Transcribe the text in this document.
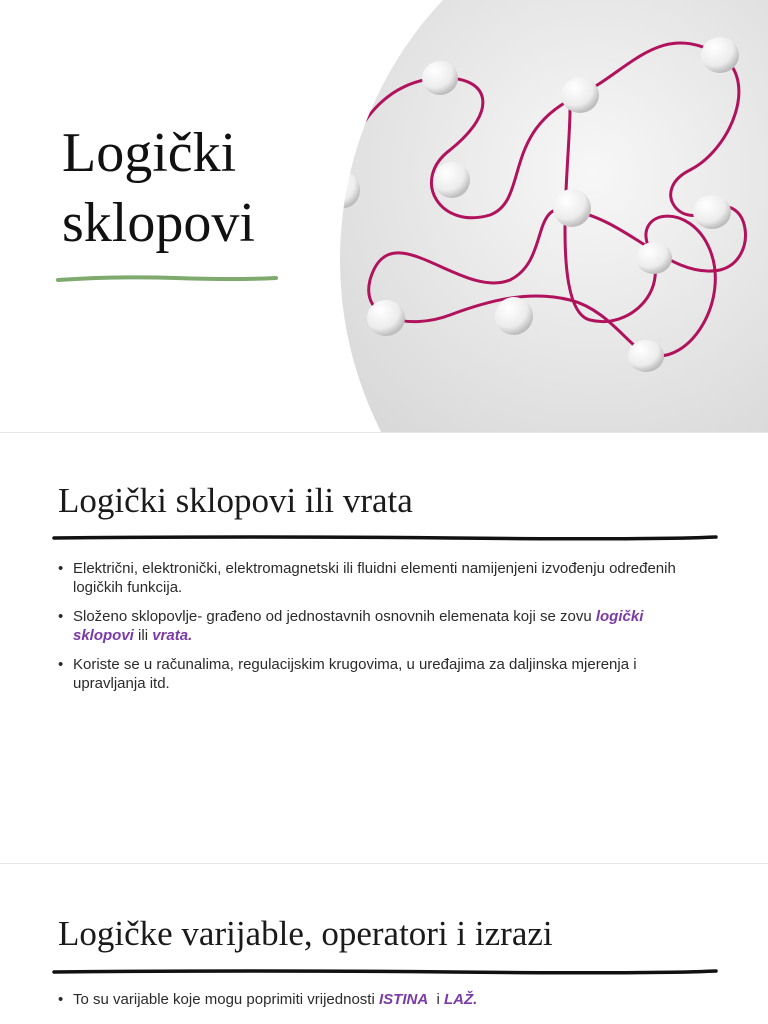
Logički
sklopovi
Logički sklopovi ili vrata
• Električni, elektronički, elektromagnetski ili fluidni elementi namijenjeni izvođenju određenih logičkih funkcija.
• Složeno sklopovlje- građeno od jednostavnih osnovnih elemenata koji se zovu logički sklopovi ili vrata.
• Koriste se u računalima, regulacijskim krugovima, u uređajima za daljinska mjerenja i upravljanja itd.
Logičke varijable, operatori i izrazi
• To su varijable koje mogu poprimiti vrijednosti ISTINA  i LAŽ.
